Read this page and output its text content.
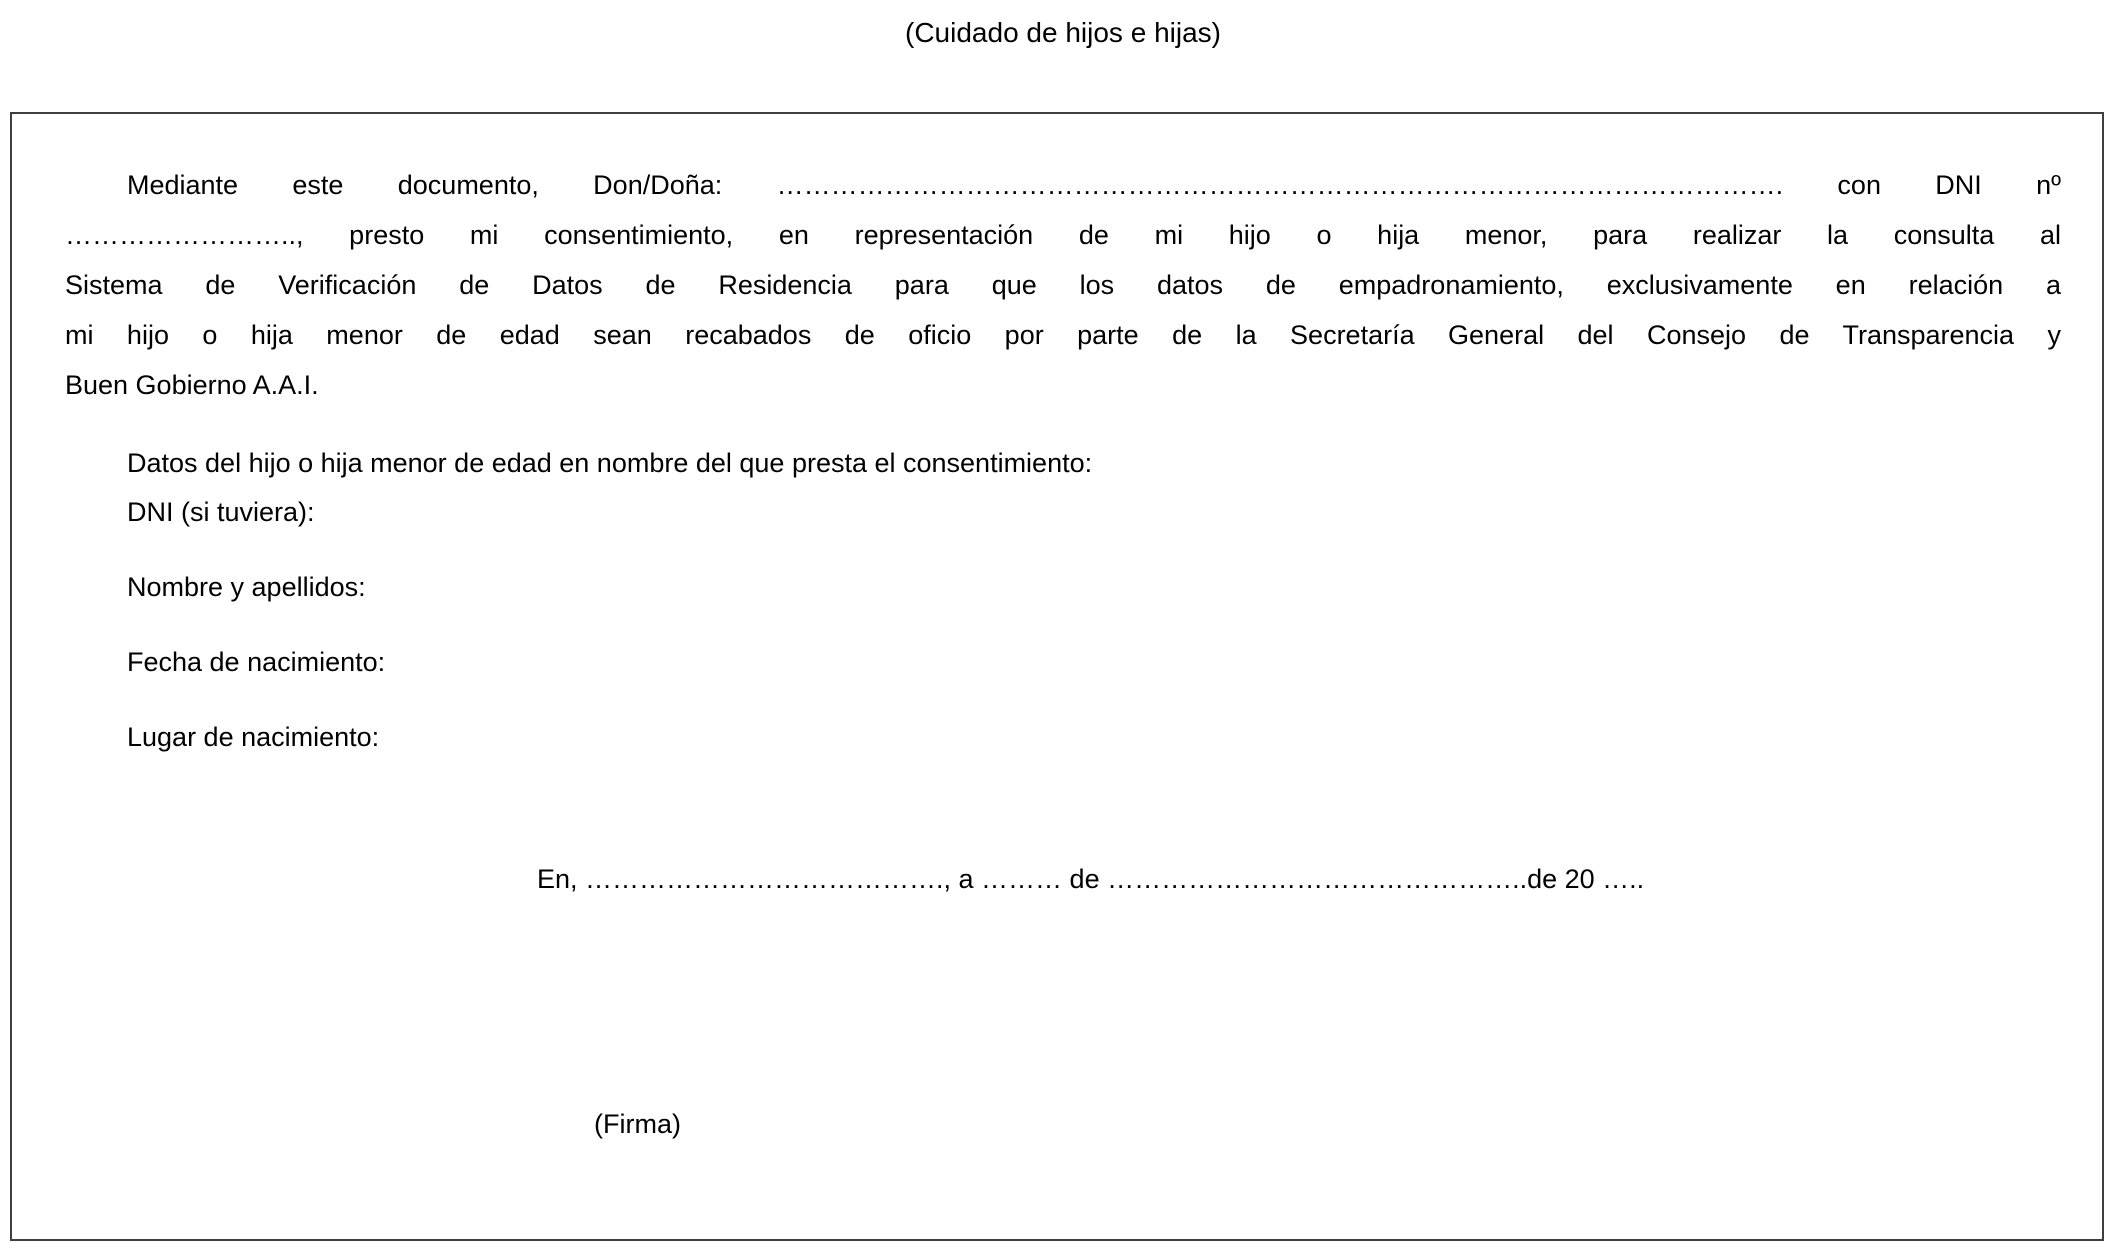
(Cuidado de hijos e hijas)
Mediante este documento, Don/Doña: …………………………………………………………………………………………………. con DNI nº
…………………….., presto mi consentimiento, en representación de mi hijo o hija menor, para realizar la consulta al
Sistema de Verificación de Datos de Residencia para que los datos de empadronamiento, exclusivamente en relación a
mi hijo o hija menor de edad sean recabados de oficio por parte de la Secretaría General del Consejo de Transparencia y
Buen Gobierno A.A.I.
Datos del hijo o hija menor de edad en nombre del que presta el consentimiento:
DNI (si tuviera):
Nombre y apellidos:
Fecha de nacimiento:
Lugar de nacimiento:
En, …………………………………., a ……… de ………………………………………..de 20 …..
(Firma)
